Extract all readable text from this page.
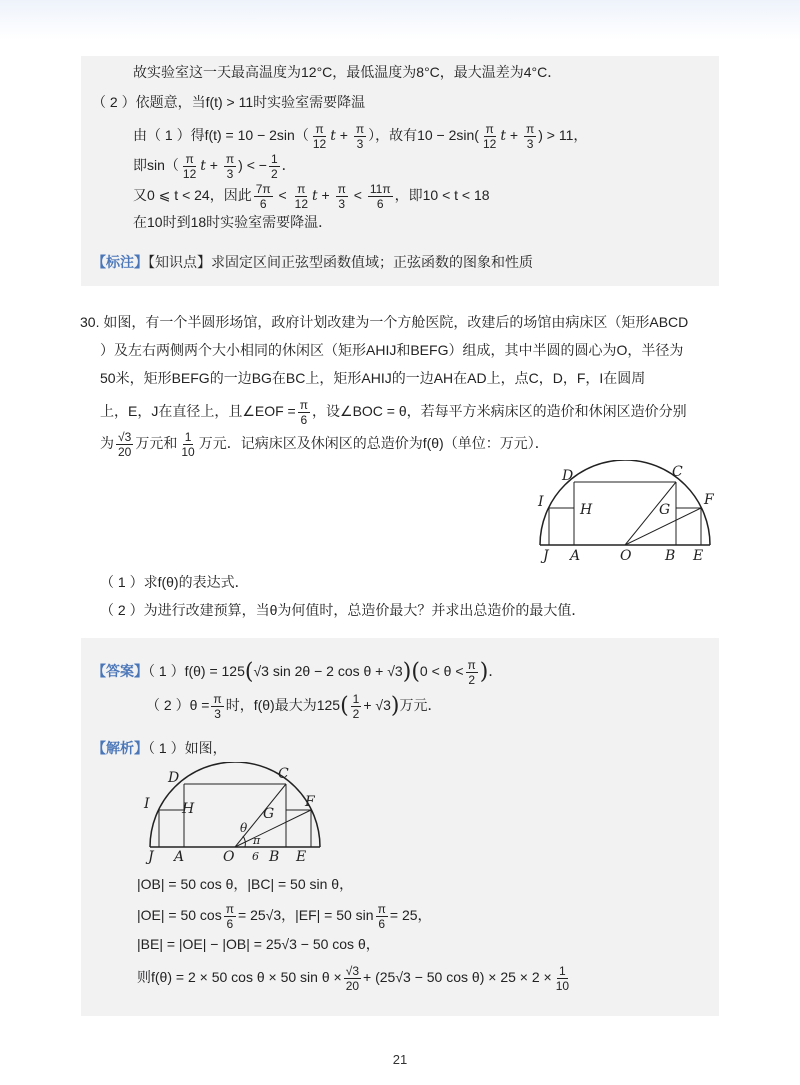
故实验室这一天最高温度为12°C，最低温度为8°C，最大温差为4°C．
（ 2 ）依题意，当f(t) > 11时实验室需要降温
由（ 1 ）得$f(t) = 10 - 2\sin( \frac{\pi}{12}$ $t + \frac{\pi}{3}$ ），故有$10 - 2\sin( \frac{\pi}{12}$ $t + \frac{\pi}{3}$ ) > 11，
即$\sin( \frac{\pi}{12}$ $t + \frac{\pi}{3}$ ) < − $\frac{1}{2}$ ．
又0 ⩽ t < 24，因此 $\frac{7\pi}{6} < \frac{\pi}{12}$ $t + \frac{\pi}{3} < \frac{11\pi}{6}$ ，即10 < t < 18
在10时到18时实验室需要降温．
【标注】【知识点】求固定区间正弦型函数值域；正弦函数的图象和性质
30. 如图，有一个半圆形场馆，政府计划改建为一个方舱医院，改建后的场馆由病床区（矩形ABCD
）及左右两侧两个大小相同的休闲区（矩形AHIJ和BEFG）组成，其中半圆的圆心为O，半径为
50米，矩形BEFG的一边BG在BC上，矩形AHIJ的一边AH在AD上，点C，D，F，I在圆周
上，E，J在直径上，且∠EOF = $\frac{\pi}{6}$ ，设∠BOC = θ，若每平方米病床区的造价和休闲区造价分别
为 $\frac{√3}{20}$ 万元和 $\frac{1}{10}$ 万元．记病床区及休闲区的总造价为f(θ)（单位：万元）．
D	C
I	H	G
F
J A	O B E
（ 1 ）求f(θ)的表达式．
（ 2 ）为进行改建预算，当θ为何值时，总造价最大？并求出总造价的最大值．
【答案】（ 1 ）f(θ) = 125(√3 sin 2θ − 2 $\cos \theta + √3)(0 < \theta < \frac{\pi}{2}$ )．
（ 2 ）$\theta = \frac{\pi}{3}$ 时，f(θ)最大为$125( \frac{1}{2} + √3)$万元．
【解析】（ 1 ）如图，
D	C
I H	G
F
J A	O B E
θ
π
6
|OB| = 50 cos θ，|BC| = 50 sin θ，
|OE| = 50 $\cos \frac{\pi}{6} = 25√3$，|EF| = 50 $\sin \frac{\pi}{6} = 25$，
|BE| = |OE| − |OB| = 25√3 − 50 cos θ，
则f(θ) = 2 × 50 cos θ × 50 $\sin \theta \times \frac{√3}{20} + (25√3 - 50$ $\cos \theta) \times 25 \times 2 \times \frac{1}{10}$
21
